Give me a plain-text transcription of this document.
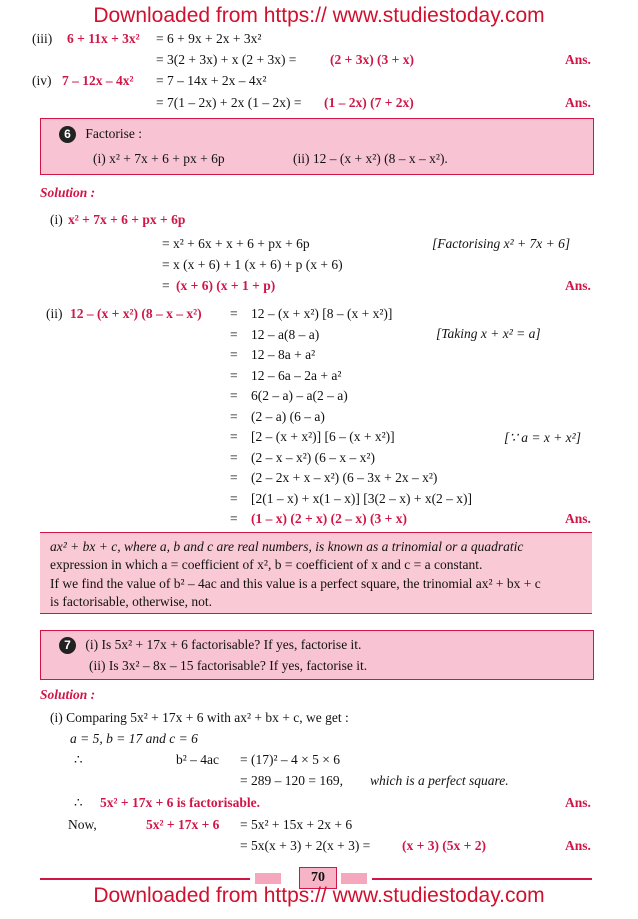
Downloaded from https:// www.studiestoday.com
(iii) 6 + 11x + 3x² = 6 + 9x + 2x + 3x²
= 3(2 + 3x) + x (2 + 3x) = (2 + 3x) (3 + x)	Ans.
(iv) 7 – 12x – 4x² = 7 – 14x + 2x – 4x²
= 7(1 – 2x) + 2x (1 – 2x) = (1 – 2x) (7 + 2x)	Ans.
6 Factorise :
(i) x² + 7x + 6 + px + 6p	(ii) 12 – (x + x²) (8 – x – x²).
Solution :
(i) x² + 7x + 6 + px + 6p
= x² + 6x + x + 6 + px + 6p	[Factorising x² + 7x + 6]
= x (x + 6) + 1 (x + 6) + p (x + 6)
= (x + 6) (x + 1 + p)	Ans.
(ii) 12 – (x + x²) (8 – x – x²)
[Taking x + x² = a]
[∵ a = x + x²]
= 12 – (x + x²) [8 – (x + x²)]
= 12 – a(8 – a)
= 12 – 8a + a²
= 12 – 6a – 2a + a²
= 6(2 – a) – a(2 – a)
= (2 – a) (6 – a)
= [2 – (x + x²)] [6 – (x + x²)]
= (2 – x – x²) (6 – x – x²)
= (2 – 2x + x – x²) (6 – 3x + 2x – x²)
= [2(1 – x) + x(1 – x)] [3(2 – x) + x(2 – x)]
= (1 – x) (2 + x) (2 – x) (3 + x)	Ans.
ax² + bx + c, where a, b and c are real numbers, is known as a trinomial or a quadratic
expression in which a = coefficient of x², b = coefficient of x and c = a constant.
If we find the value of b² – 4ac and this value is a perfect square, the trinomial ax² + bx + c
is factorisable, otherwise, not.
7 (i) Is 5x² + 17x + 6 factorisable? If yes, factorise it.
(ii) Is 3x² – 8x – 15 factorisable? If yes, factorise it.
Solution :
(i) Comparing 5x² + 17x + 6 with ax² + bx + c, we get :
a = 5, b = 17 and c = 6
∴	b² – 4ac = (17)² – 4 × 5 × 6
= 289 – 120 = 169, which is a perfect square.
∴ 5x² + 17x + 6 is factorisable.	Ans.
Now,	5x² + 17x + 6 = 5x² + 15x + 2x + 6
= 5x(x + 3) + 2(x + 3) = (x + 3) (5x + 2)	Ans.
70
Downloaded from https:// www.studiestoday.com
